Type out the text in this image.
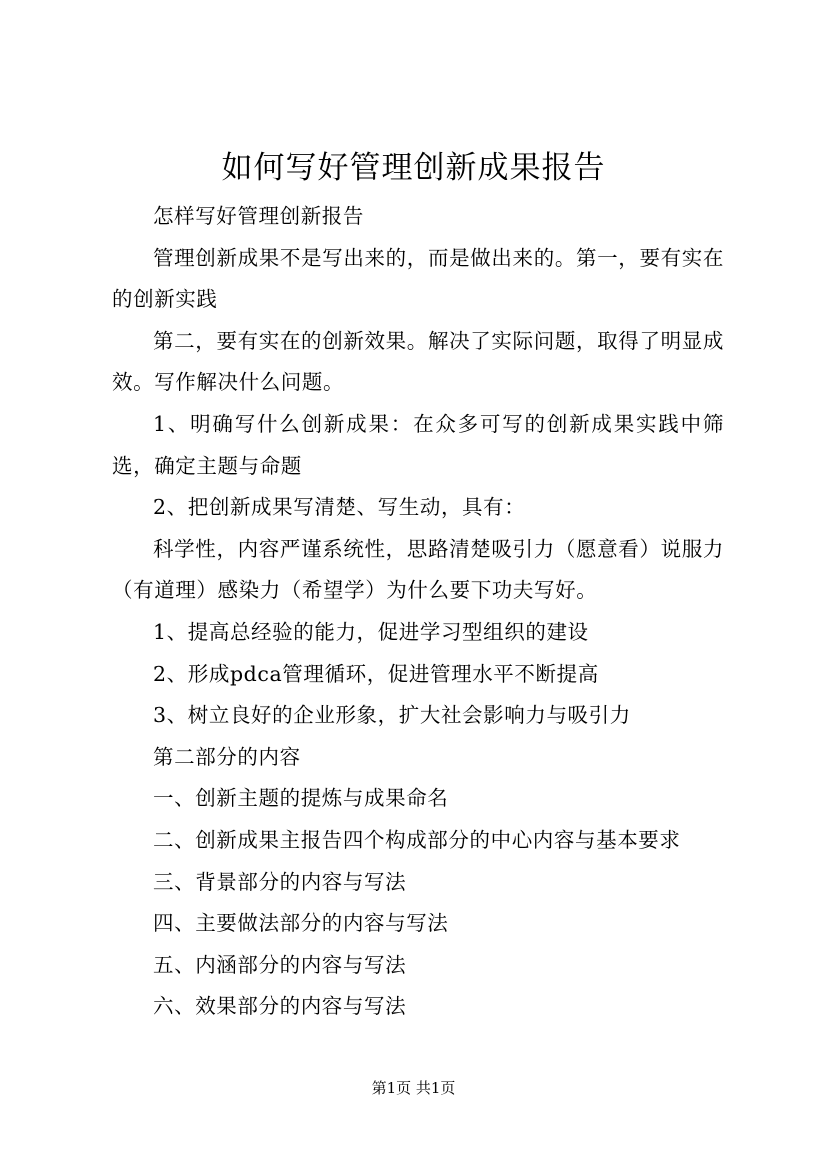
如何写好管理创新成果报告

怎样写好管理创新报告

管理创新成果不是写出来的，而是做出来的。第一，要有实在的创新实践

第二，要有实在的创新效果。解决了实际问题，取得了明显成效。写作解决什么问题。

1、明确写什么创新成果：在众多可写的创新成果实践中筛选，确定主题与命题

2、把创新成果写清楚、写生动，具有：

科学性，内容严谨系统性，思路清楚吸引力（愿意看）说服力（有道理）感染力（希望学）为什么要下功夫写好。

1、提高总经验的能力，促进学习型组织的建设

2、形成pdca管理循环，促进管理水平不断提高

3、树立良好的企业形象，扩大社会影响力与吸引力

第二部分的内容

一、创新主题的提炼与成果命名

二、创新成果主报告四个构成部分的中心内容与基本要求

三、背景部分的内容与写法

四、主要做法部分的内容与写法

五、内涵部分的内容与写法

六、效果部分的内容与写法

第1页 共1页
